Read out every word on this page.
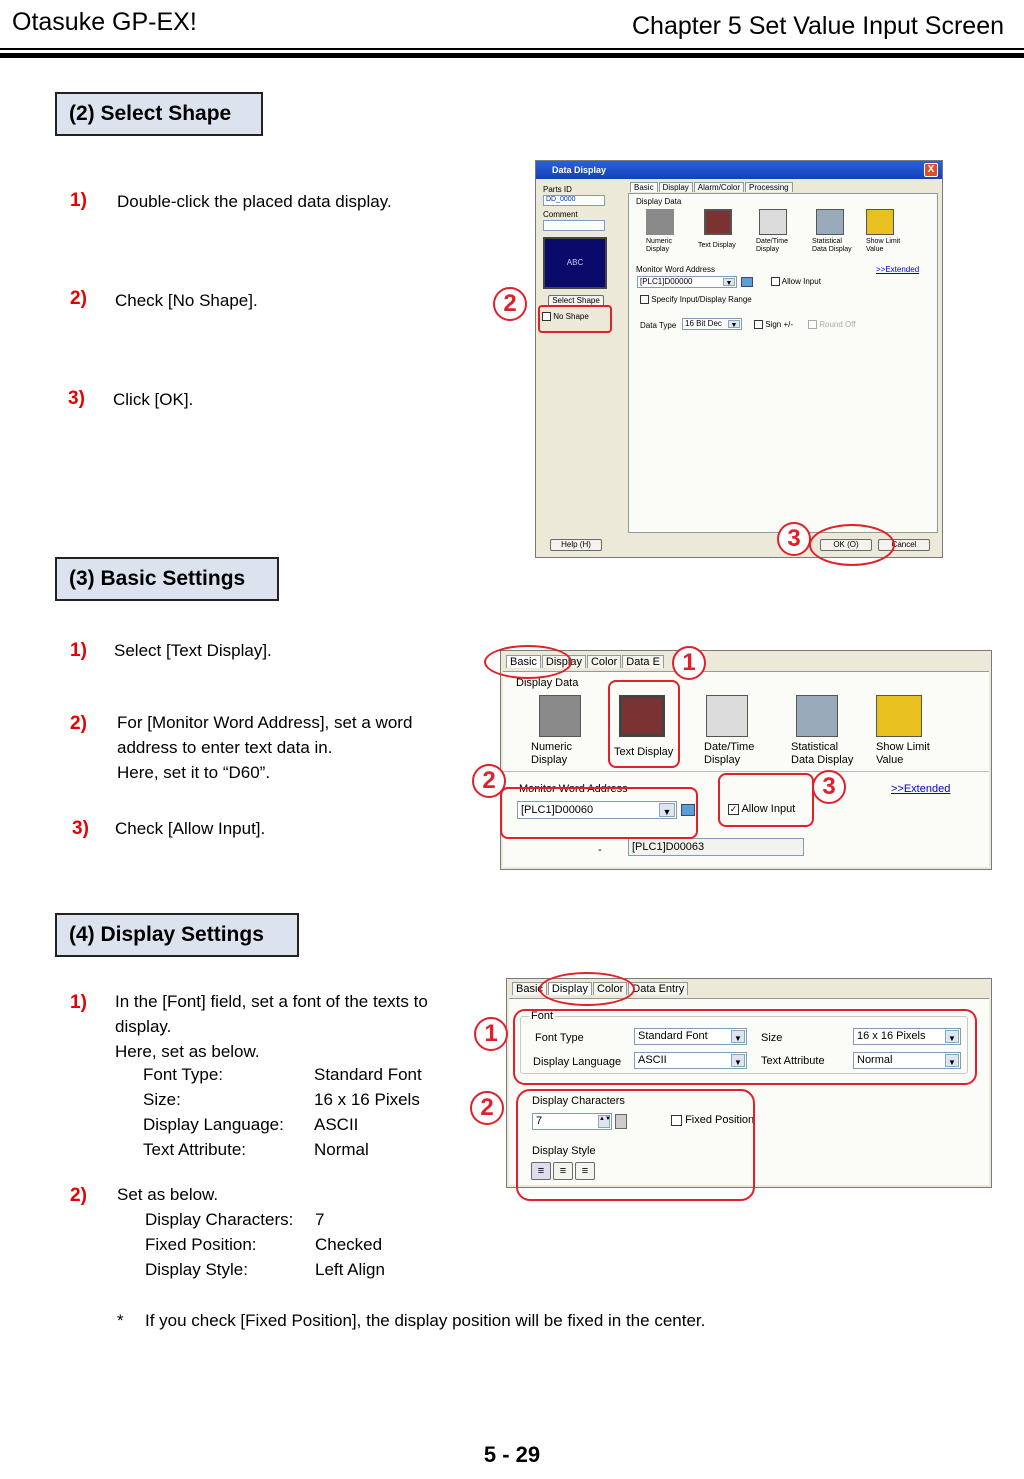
Otasuke GP-EX!	Chapter 5 Set Value Input Screen
(2) Select Shape
1) Double-click the placed data display.
2) Check [No Shape].
3) Click [OK].
Data Display	X
Parts ID
DD_0000
Comment
ABC
Select Shape
No Shape
Basic	Display	Alarm/Color	Processing
Display Data
Numeric Display
Text Display
Date/Time Display
Statistical Data Display
Show Limit Value
Monitor Word Address	>>Extended
[PLC1]D00000	▼	Allow Input
Specify Input/Display Range
Data Type	16 Bit Dec	▼	Sign +/-	Round Off
Help (H)	OK (O)	Cancel
2
3
(3) Basic Settings
1) Select [Text Display].
2) For [Monitor Word Address], set a word
address to enter text data in.
Here, set it to “D60”.
3) Check [Allow Input].
Basic Display Color Data E
Display Data
Numeric Display
Text Display	Date/Time Display
Statistical Data Display
Show Limit Value
Monitor Word Address	>>Extended
[PLC1]D00060	▼	✓ Allow Input
-	[PLC1]D00063
1
2	3
(4) Display Settings
1) In the [Font] field, set a font of the texts to
display.
Here, set as below.
Font Type:	Standard Font
Size:	16 x 16 Pixels
Display Language:	ASCII
Text Attribute:	Normal
2) Set as below.
Display Characters:	7
Fixed Position:	Checked
Display Style:	Left Align
* If you check [Fixed Position], the display position will be fixed in the center.
Basic Display Color Data Entry
Font
Font Type	Standard Font	▼ Size	16 x 16 Pixels	▼
Display Language	ASCII	▼ Text Attribute	Normal	▼
Display Characters
7	▲▼	Fixed Position
Display Style
≡	≡	≡
1
2
5 - 29
